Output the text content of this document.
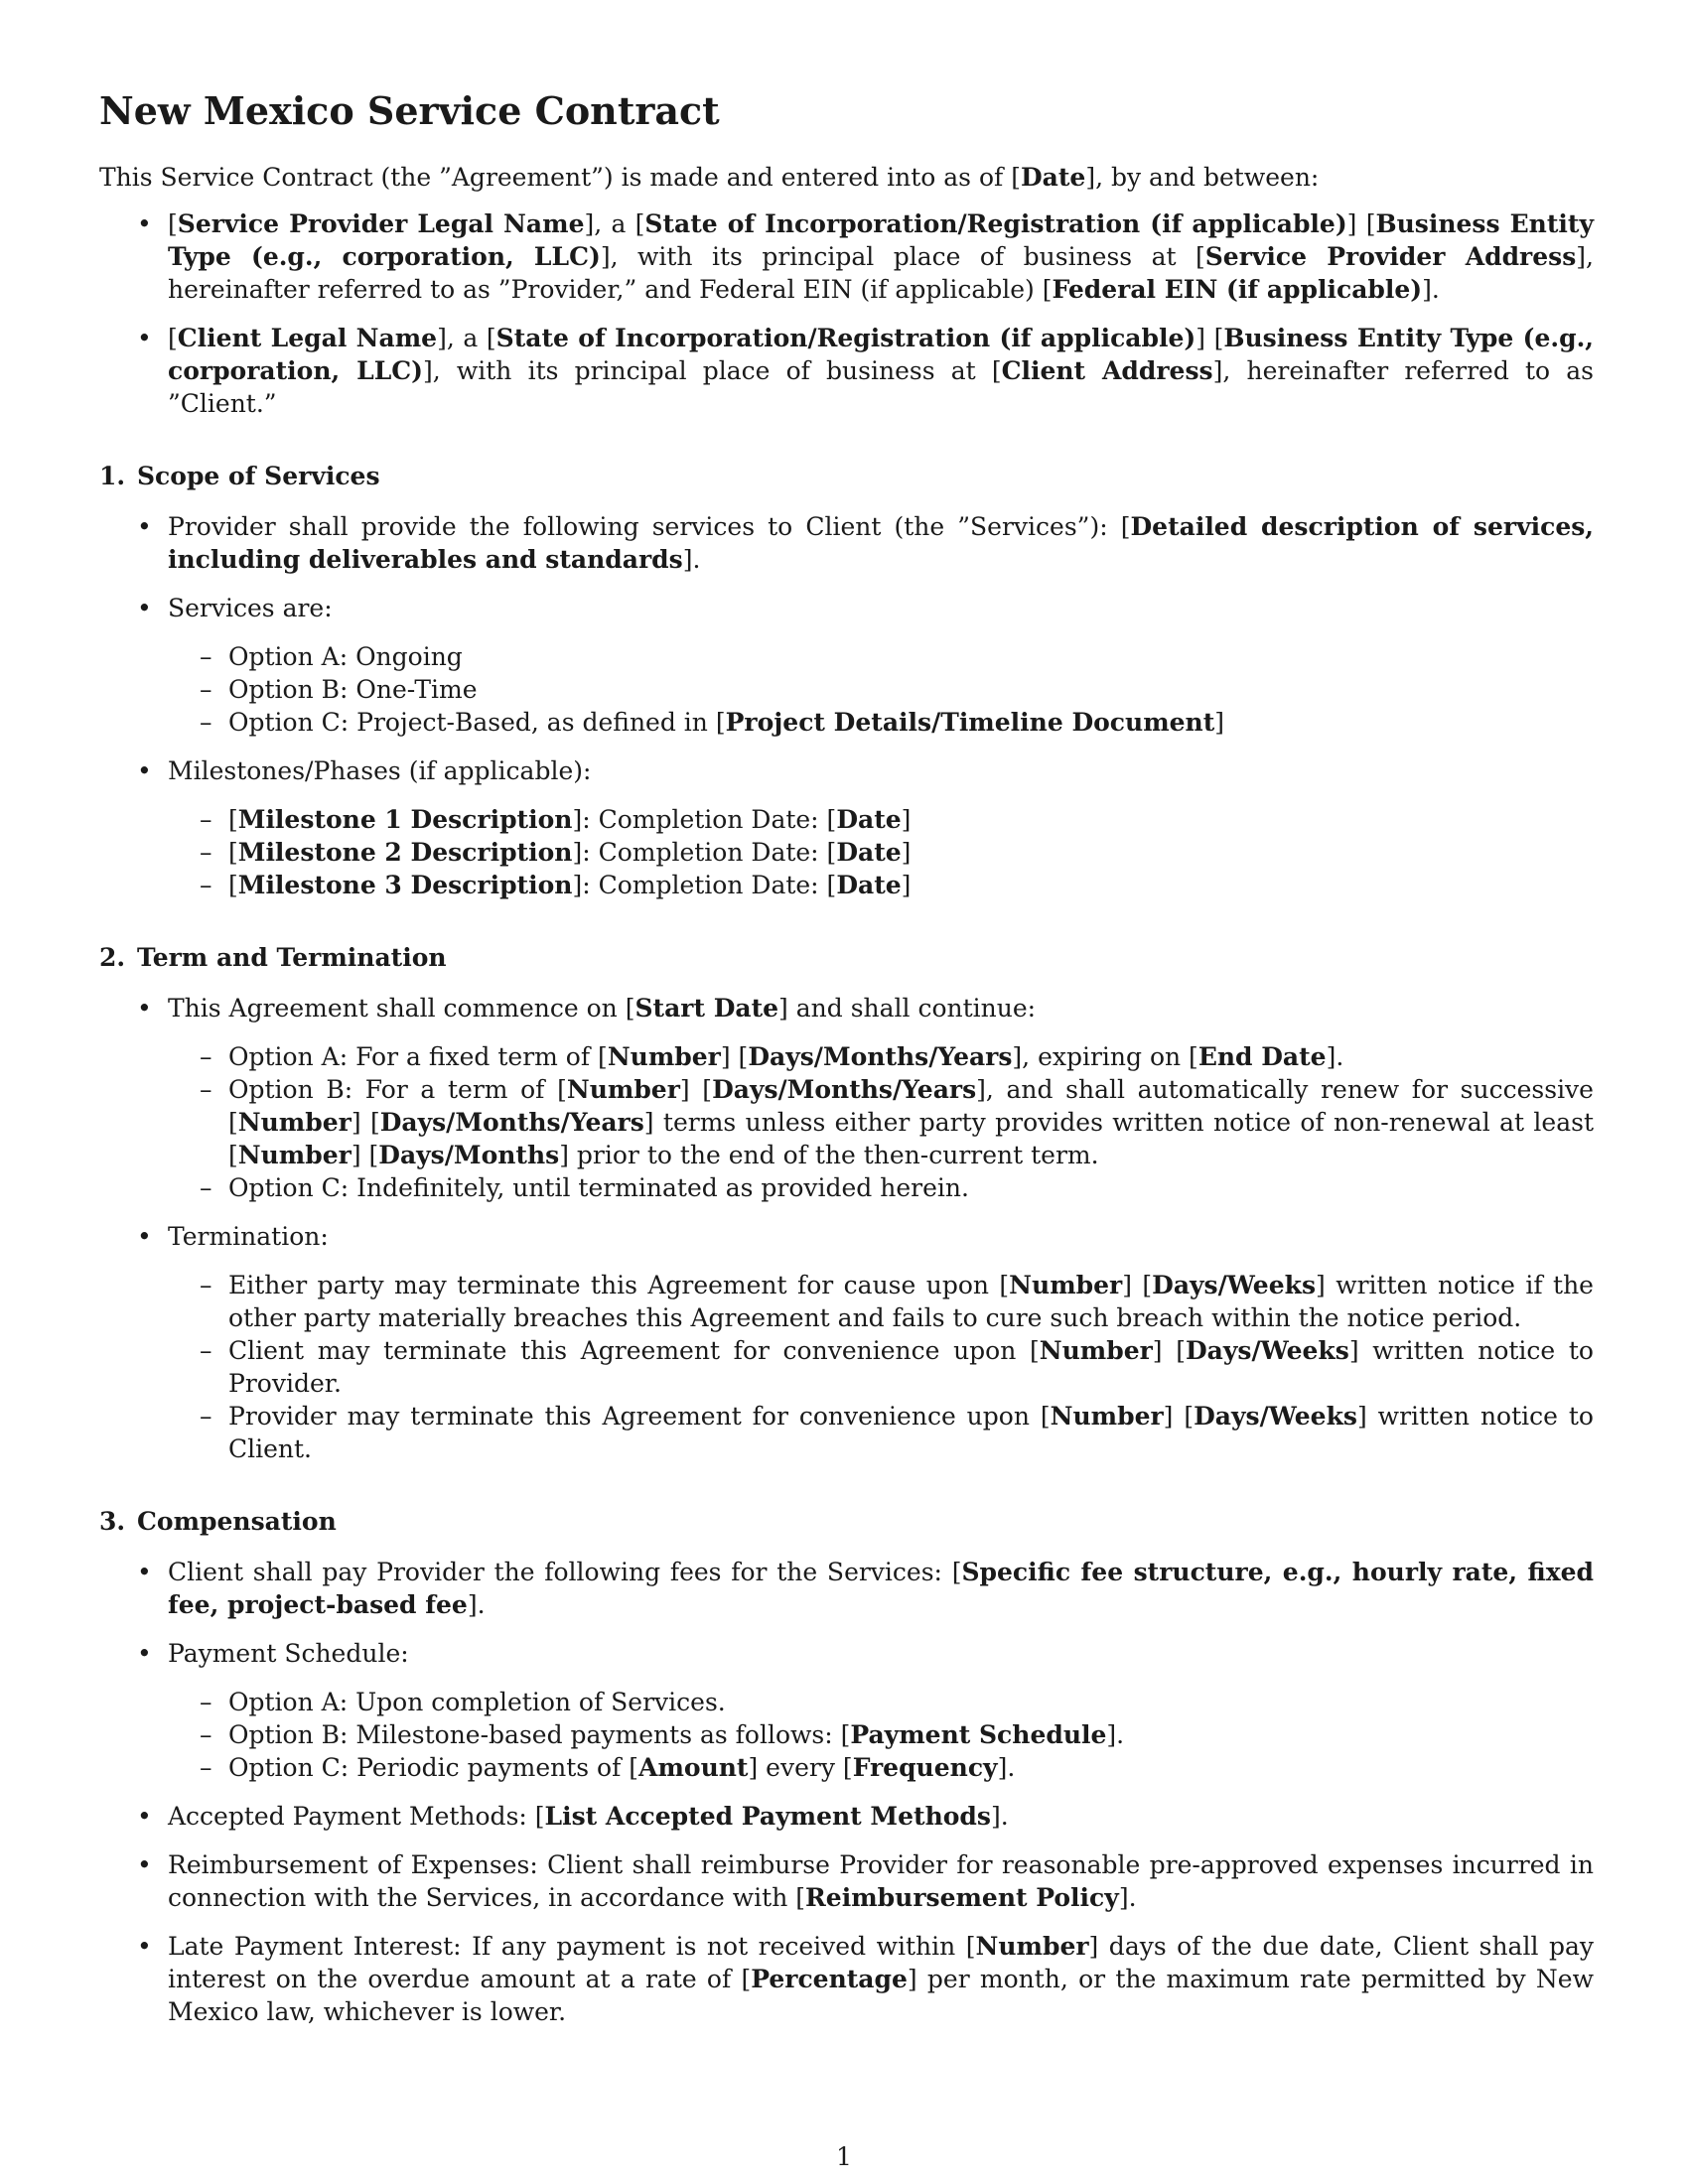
New Mexico Service Contract

This Service Contract (the ”Agreement”) is made and entered into as of [Date], by and between:

• [Service Provider Legal Name], a [State of Incorporation/Registration (if applicable)] [Business Entity Type (e.g., corporation, LLC)], with its principal place of business at [Service Provider Address], hereinafter referred to as ”Provider,” and Federal EIN (if applicable) [Federal EIN (if applicable)].
• [Client Legal Name], a [State of Incorporation/Registration (if applicable)] [Business Entity Type (e.g., corporation, LLC)], with its principal place of business at [Client Address], hereinafter referred to as ”Client.”
1. Scope of Services
• Provider shall provide the following services to Client (the ”Services”): [Detailed description of services, including deliverables and standards].
• Services are:
– Option A: Ongoing
– Option B: One-Time
– Option C: Project-Based, as defined in [Project Details/Timeline Document]
• Milestones/Phases (if applicable):
– [Milestone 1 Description]: Completion Date: [Date]
– [Milestone 2 Description]: Completion Date: [Date]
– [Milestone 3 Description]: Completion Date: [Date]
2. Term and Termination
• This Agreement shall commence on [Start Date] and shall continue:
– Option A: For a fixed term of [Number] [Days/Months/Years], expiring on [End Date].
– Option B: For a term of [Number] [Days/Months/Years], and shall automatically renew for successive [Number] [Days/Months/Years] terms unless either party provides written notice of non-renewal at least [Number] [Days/Months] prior to the end of the then-current term.
– Option C: Indefinitely, until terminated as provided herein.
• Termination:
– Either party may terminate this Agreement for cause upon [Number] [Days/Weeks] written notice if the other party materially breaches this Agreement and fails to cure such breach within the notice period.
– Client may terminate this Agreement for convenience upon [Number] [Days/Weeks] written notice to Provider.
– Provider may terminate this Agreement for convenience upon [Number] [Days/Weeks] written notice to Client.
3. Compensation
• Client shall pay Provider the following fees for the Services: [Specific fee structure, e.g., hourly rate, fixed fee, project-based fee].
• Payment Schedule:
– Option A: Upon completion of Services.
– Option B: Milestone-based payments as follows: [Payment Schedule].
– Option C: Periodic payments of [Amount] every [Frequency].
• Accepted Payment Methods: [List Accepted Payment Methods].
• Reimbursement of Expenses: Client shall reimburse Provider for reasonable pre-approved expenses incurred in connection with the Services, in accordance with [Reimbursement Policy].
• Late Payment Interest: If any payment is not received within [Number] days of the due date, Client shall pay interest on the overdue amount at a rate of [Percentage] per month, or the maximum rate permitted by New Mexico law, whichever is lower.
1
